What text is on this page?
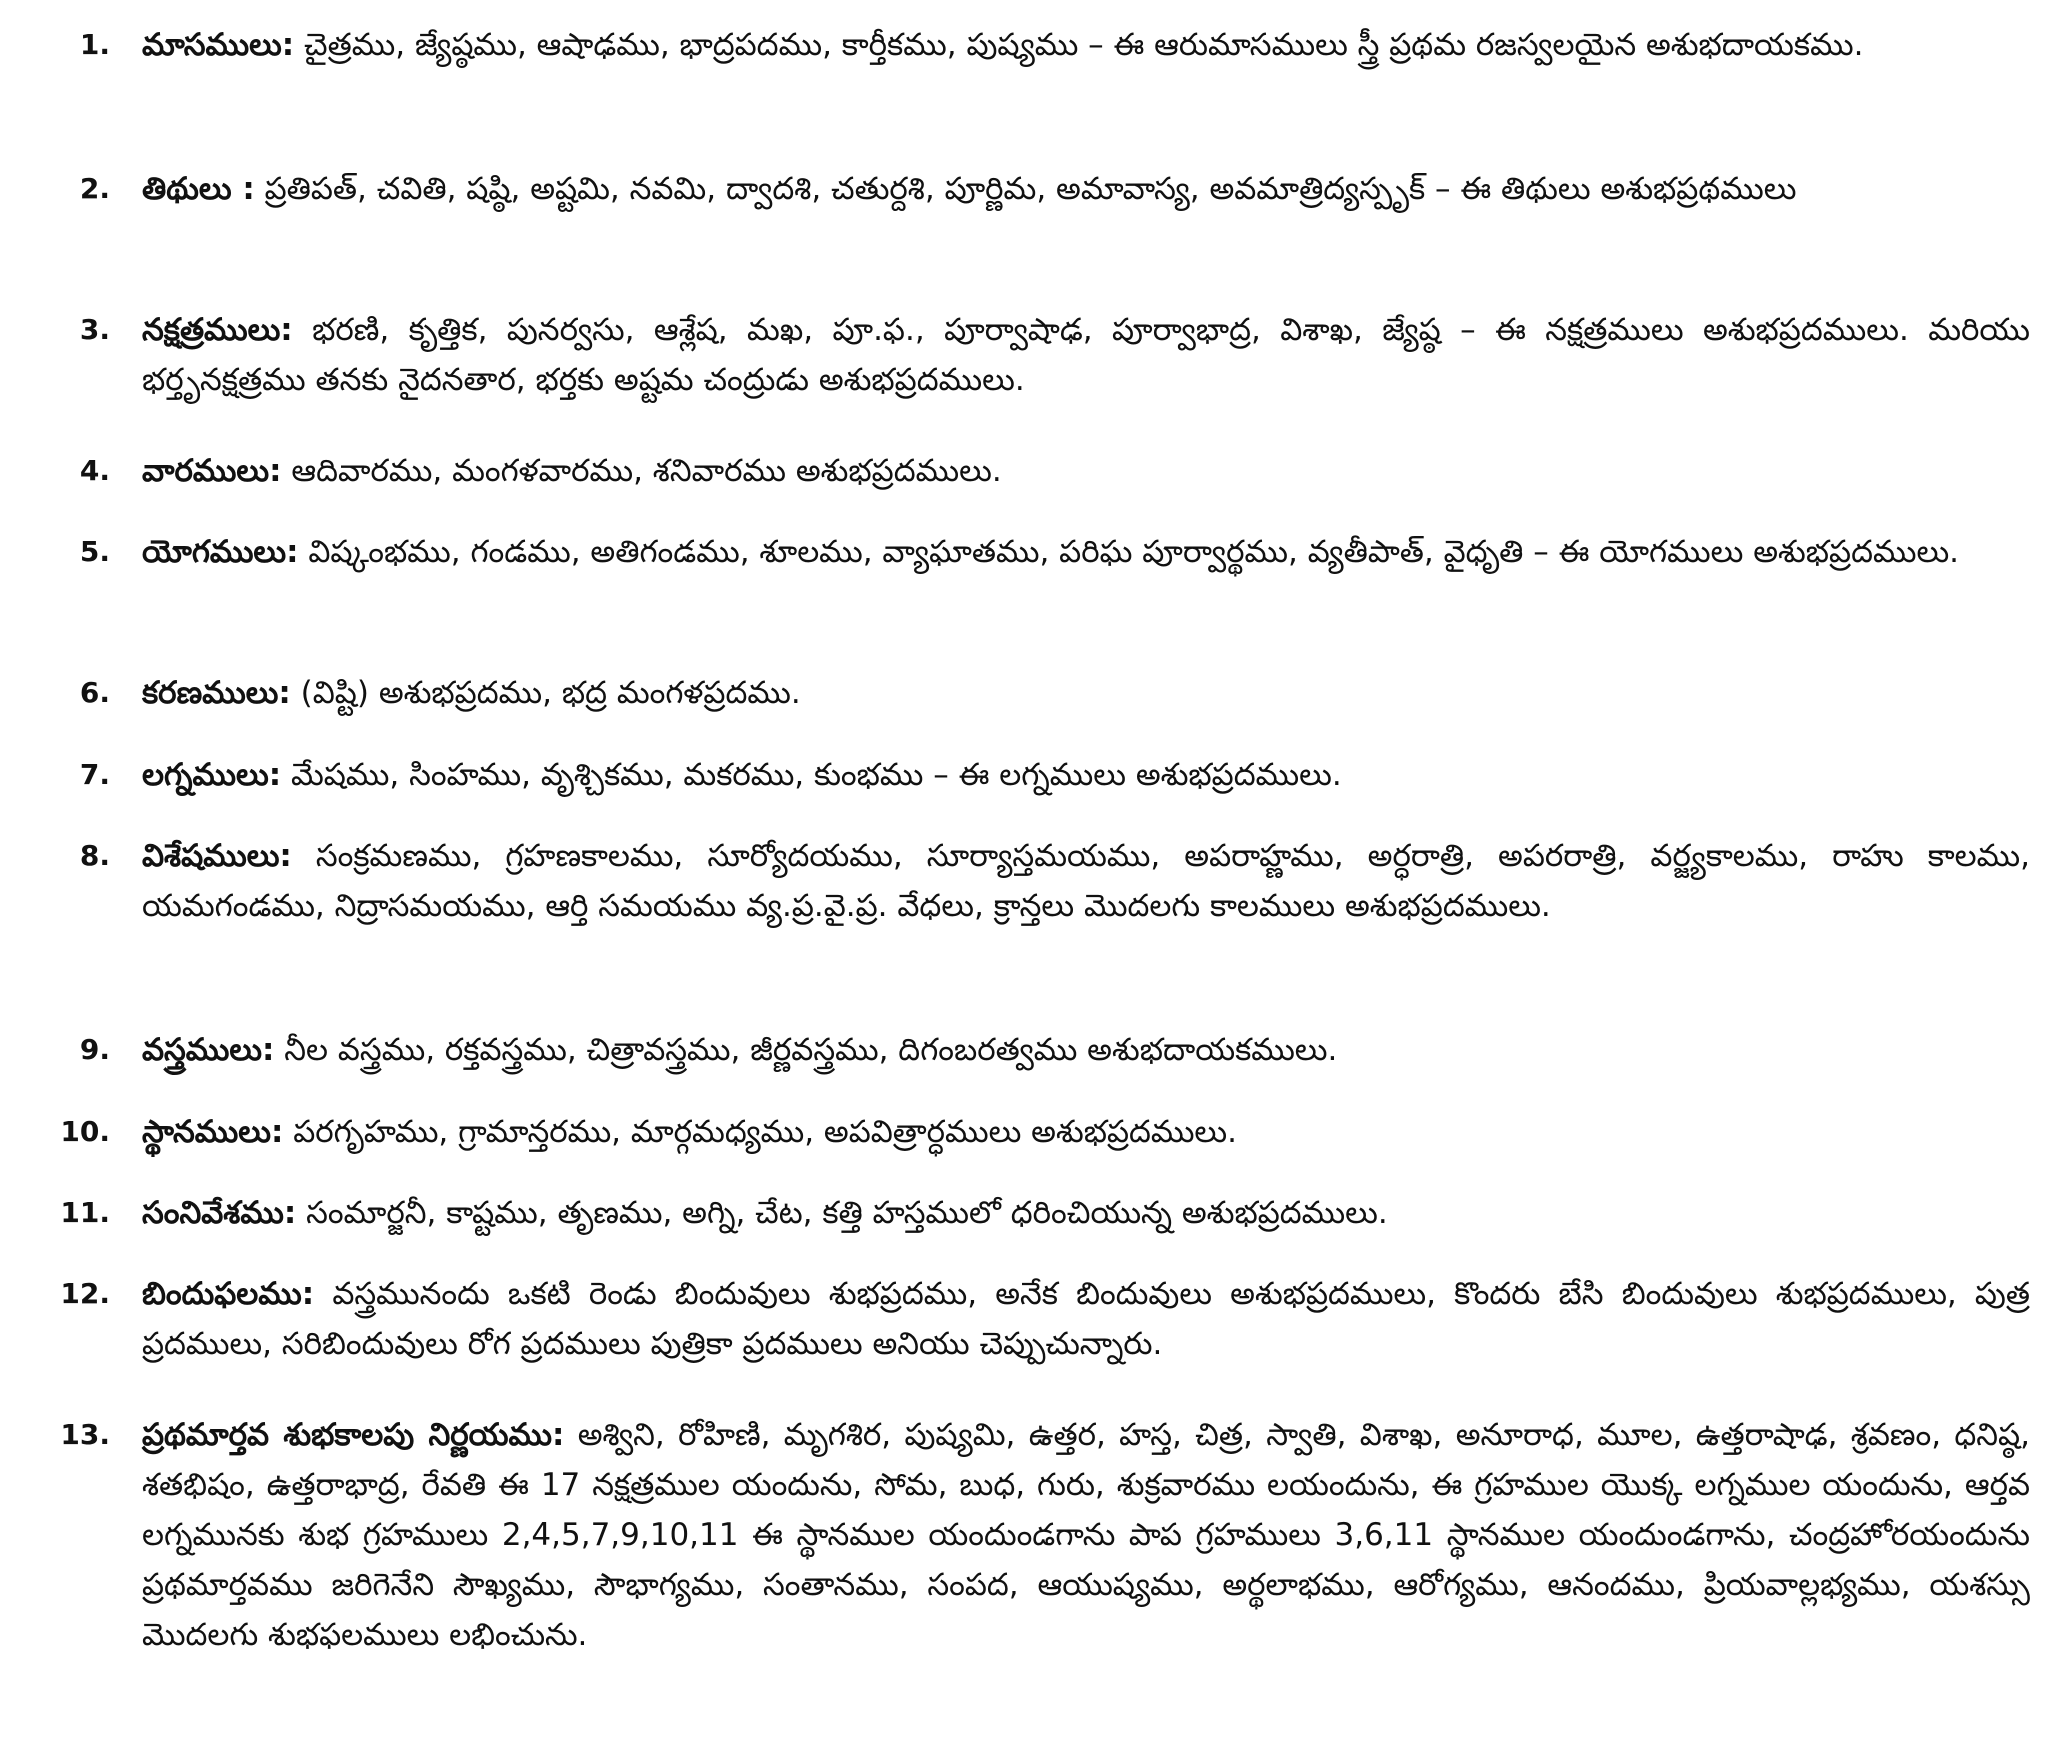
1.	మాసములు: చైత్రము, జ్యేష్ఠము, ఆషాఢము, భాద్రపదము, కార్తీకము, పుష్యము – ఈ ఆరుమాసములు స్త్రీ ప్రథమ రజస్వలయైన అశుభదాయకము.
2.	తిథులు : ప్రతిపత్, చవితి, షష్ఠి, అష్టమి, నవమి, ద్వాదశి, చతుర్దశి, పూర్ణిమ, అమావాస్య, అవమాత్రిద్యస్పృక్ – ఈ తిథులు అశుభప్రథములు
3.	నక్షత్రములు: భరణి, కృత్తిక, పునర్వసు, ఆశ్లేష, మఖ, పూ.ఫ., పూర్వాషాఢ, పూర్వాభాద్ర, విశాఖ, జ్యేష్ఠ – ఈ నక్షత్రములు అశుభప్రదములు. మరియు భర్తృనక్షత్రము తనకు నైదనతార, భర్తకు అష్టమ చంద్రుడు అశుభప్రదములు.
4.	వారములు: ఆదివారము, మంగళవారము, శనివారము అశుభప్రదములు.
5.	యోగములు: విష్కంభము, గండము, అతిగండము, శూలము, వ్యాఘాతము, పరిఘ పూర్వార్థము, వ్యతీపాత్, వైధృతి – ఈ యోగములు అశుభప్రదములు.
6.	కరణములు: (విష్టి) అశుభప్రదము, భద్ర మంగళప్రదము.
7.	లగ్నములు: మేషము, సింహము, వృశ్చికము, మకరము, కుంభము – ఈ లగ్నములు అశుభప్రదములు.
8.	విశేషములు: సంక్రమణము, గ్రహణకాలము, సూర్యోదయము, సూర్యాస్తమయము, అపరాహ్ణము, అర్ధరాత్రి, అపరరాత్రి, వర్జ్యకాలము, రాహు కాలము, యమగండము, నిద్రాసమయము, ఆర్తి సమయము వ్య.ప్ర.వై.ప్ర. వేధలు, క్రాన్తలు మొదలగు కాలములు అశుభప్రదములు.
9.	వస్త్రములు: నీల వస్త్రము, రక్తవస్త్రము, చిత్రావస్త్రము, జీర్ణవస్త్రము, దిగంబరత్వము అశుభదాయకములు.
10.	స్థానములు: పరగృహము, గ్రామాన్తరము, మార్గమధ్యము, అపవిత్రార్ధములు అశుభప్రదములు.
11.	సంనివేశము: సంమార్జనీ, కాష్టము, తృణము, అగ్ని, చేట, కత్తి హస్తములో ధరించియున్న అశుభప్రదములు.
12.	బిందుఫలము: వస్త్రమునందు ఒకటి రెండు బిందువులు శుభప్రదము, అనేక బిందువులు అశుభప్రదములు, కొందరు బేసి బిందువులు శుభప్రదములు, పుత్ర ప్రదములు, సరిబిందువులు రోగ ప్రదములు పుత్రికా ప్రదములు అనియు చెప్పుచున్నారు.
13.	ప్రథమార్తవ శుభకాలపు నిర్ణయము: అశ్విని, రోహిణి, మృగశిర, పుష్యమి, ఉత్తర, హస్త, చిత్ర, స్వాతి, విశాఖ, అనూరాధ, మూల, ఉత్తరాషాఢ, శ్రవణం, ధనిష్ఠ, శతభిషం, ఉత్తరాభాద్ర, రేవతి ఈ 17 నక్షత్రముల యందును, సోమ, బుధ, గురు, శుక్రవారము లయందును, ఈ గ్రహముల యొక్క లగ్నముల యందును, ఆర్తవ లగ్నమునకు శుభ గ్రహములు 2,4,5,7,9,10,11 ఈ స్థానముల యందుండగాను పాప గ్రహములు 3,6,11 స్థానముల యందుండగాను, చంద్రహోరయందును ప్రథమార్తవము జరిగెనేని సౌఖ్యము, సౌభాగ్యము, సంతానము, సంపద, ఆయుష్యము, అర్థలాభము, ఆరోగ్యము, ఆనందము, ప్రియవాల్లభ్యము, యశస్సు మొదలగు శుభఫలములు లభించును.
